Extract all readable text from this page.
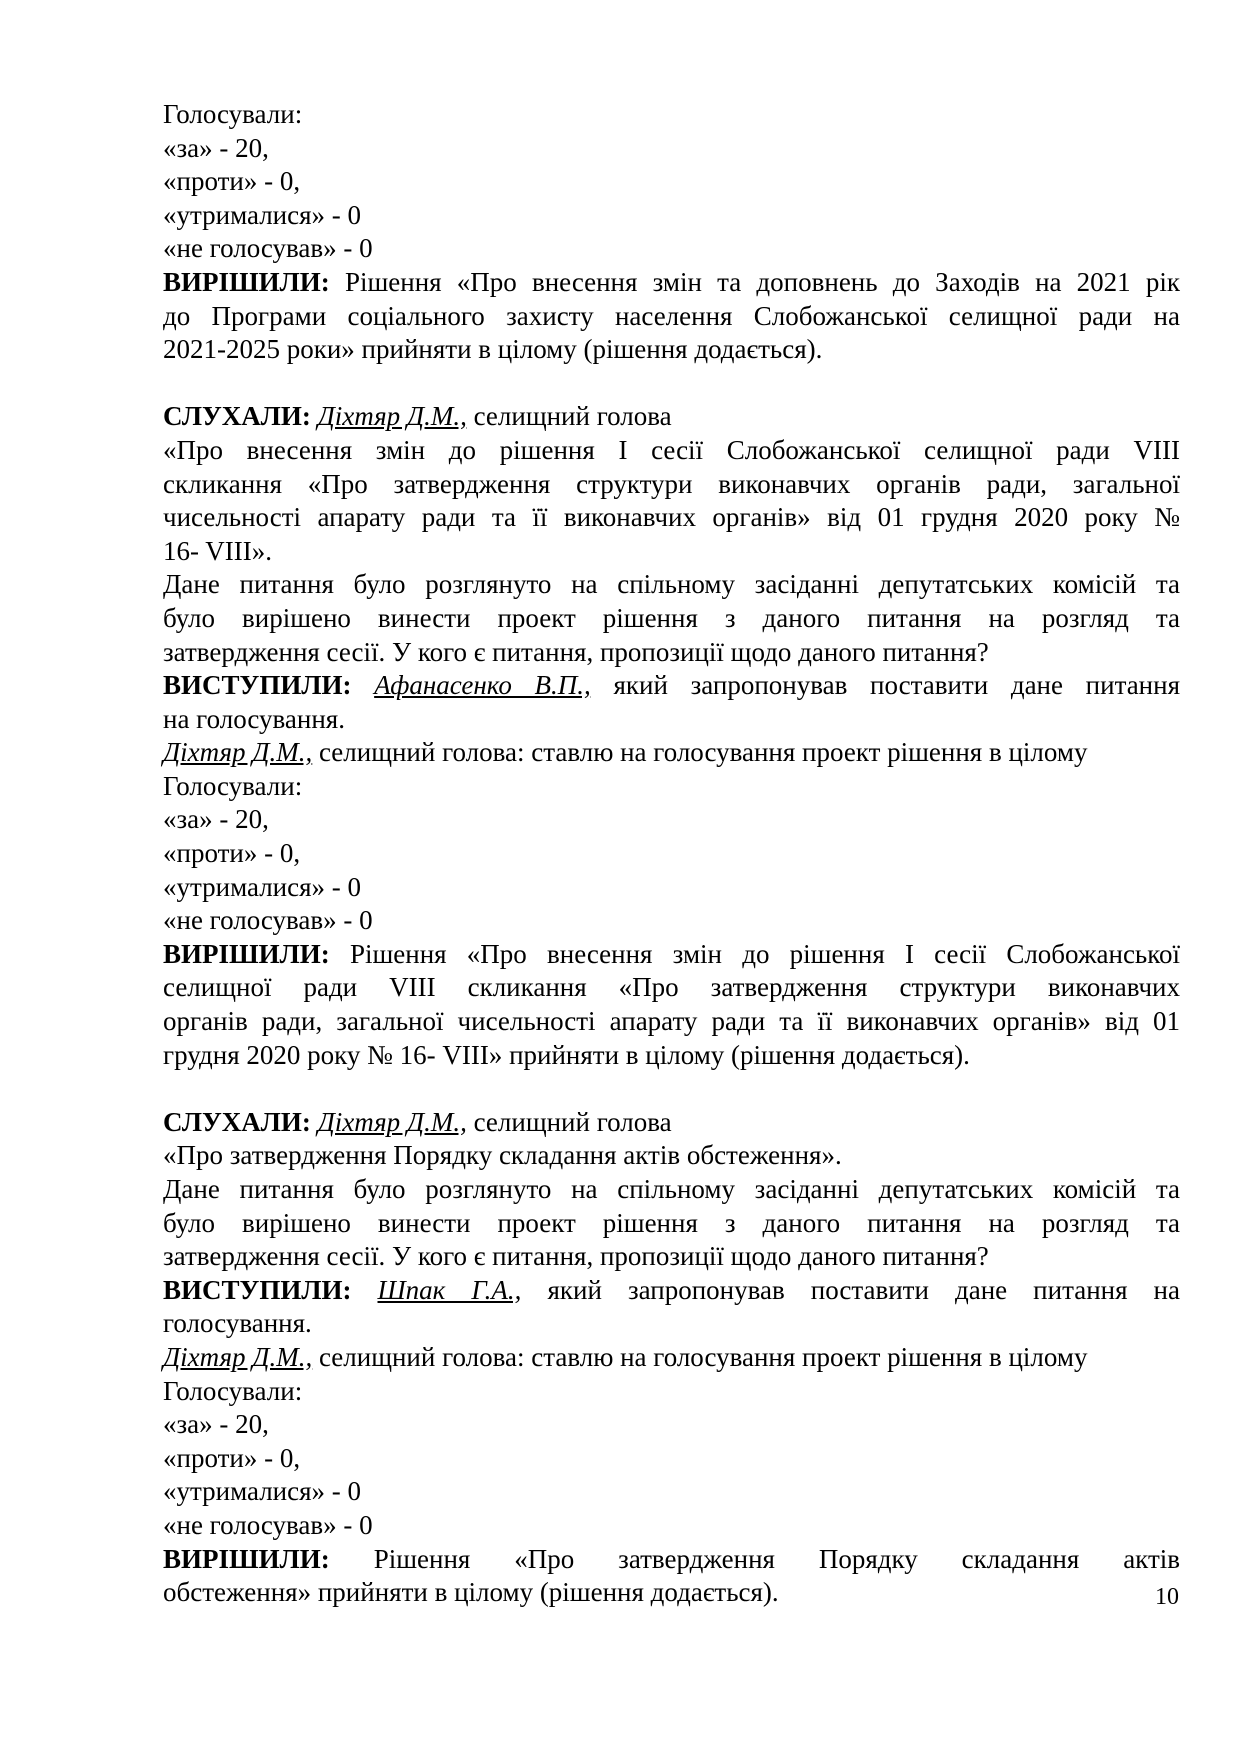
Голосували:
«за» - 20,
«проти» - 0,
«утрималися» - 0
«не голосував» - 0
ВИРІШИЛИ: Рішення «Про внесення змін та доповнень до Заходів на 2021 рік
до Програми соціального захисту населення Слобожанської селищної ради на
2021-2025 роки» прийняти в цілому (рішення додається).
СЛУХАЛИ: Діхтяр Д.М., селищний голова
«Про внесення змін до рішення І сесії Слобожанської селищної ради VIII
скликання «Про затвердження структури виконавчих органів ради, загальної
чисельності апарату ради та її виконавчих органів» від 01 грудня 2020 року №
16- VIII».
Дане питання було розглянуто на спільному засіданні депутатських комісій та
було вирішено винести проект рішення з даного питання на розгляд та
затвердження сесії. У кого є питання, пропозиції щодо даного питання?
ВИСТУПИЛИ: Афанасенко В.П., який запропонував поставити дане питання
на голосування.
Діхтяр Д.М., селищний голова: ставлю на голосування проект рішення в цілому
Голосували:
«за» - 20,
«проти» - 0,
«утрималися» - 0
«не голосував» - 0
ВИРІШИЛИ: Рішення «Про внесення змін до рішення І сесії Слобожанської
селищної ради VIII скликання «Про затвердження структури виконавчих
органів ради, загальної чисельності апарату ради та її виконавчих органів» від 01
грудня 2020 року № 16- VIII» прийняти в цілому (рішення додається).
СЛУХАЛИ: Діхтяр Д.М., селищний голова
«Про затвердження Порядку складання актів обстеження».
Дане питання було розглянуто на спільному засіданні депутатських комісій та
було вирішено винести проект рішення з даного питання на розгляд та
затвердження сесії. У кого є питання, пропозиції щодо даного питання?
ВИСТУПИЛИ: Шпак Г.А., який запропонував поставити дане питання на
голосування.
Діхтяр Д.М., селищний голова: ставлю на голосування проект рішення в цілому
Голосували:
«за» - 20,
«проти» - 0,
«утрималися» - 0
«не голосував» - 0
ВИРІШИЛИ: Рішення «Про затвердження Порядку складання актів
обстеження» прийняти в цілому (рішення додається).	10
